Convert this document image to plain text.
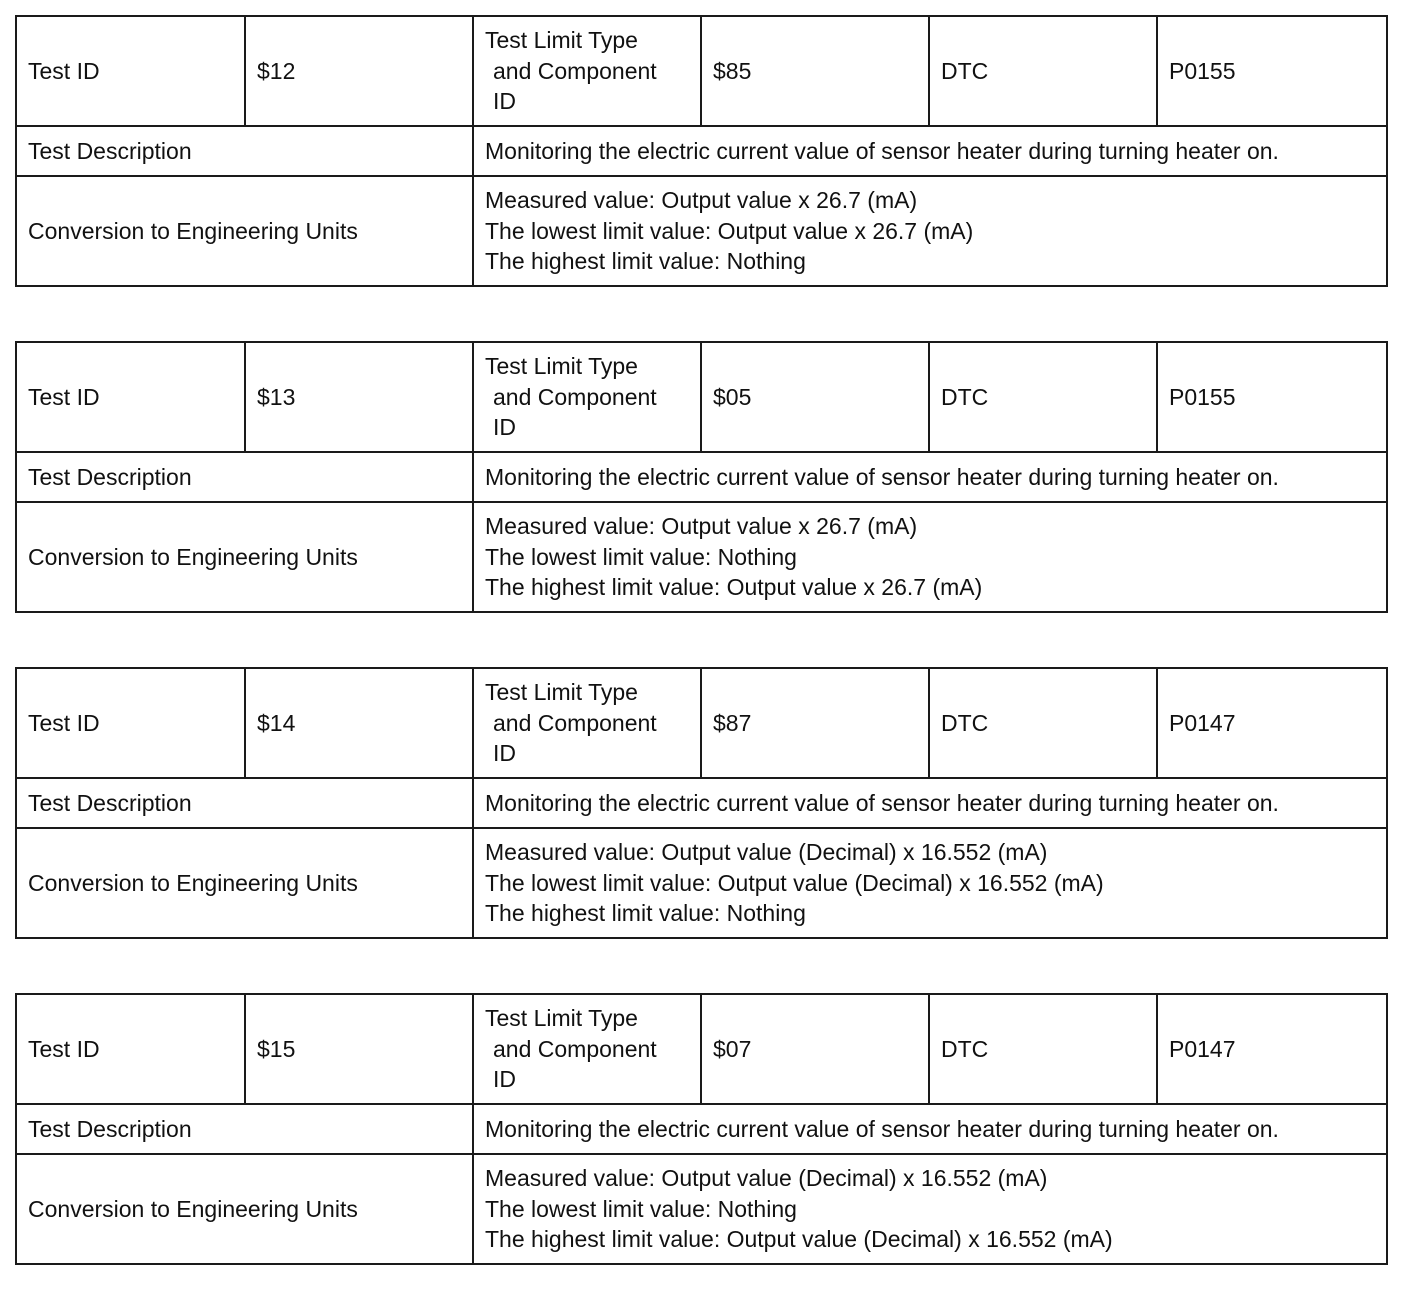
Test ID	$12	Test Limit Type
and Component
ID	$85	DTC	P0155
Test Description		Monitoring the electric current value of sensor heater during turning heater on.			
Conversion to Engineering Units		Measured value: Output value x 26.7 (mA)
The lowest limit value: Output value x 26.7 (mA)
The highest limit value: Nothing			
Test ID	$13	Test Limit Type
and Component
ID	$05	DTC	P0155
Test Description		Monitoring the electric current value of sensor heater during turning heater on.			
Conversion to Engineering Units		Measured value: Output value x 26.7 (mA)
The lowest limit value: Nothing
The highest limit value: Output value x 26.7 (mA)			
Test ID	$14	Test Limit Type
and Component
ID	$87	DTC	P0147
Test Description		Monitoring the electric current value of sensor heater during turning heater on.			
Conversion to Engineering Units		Measured value: Output value (Decimal) x 16.552 (mA)
The lowest limit value: Output value (Decimal) x 16.552 (mA)
The highest limit value: Nothing			
Test ID	$15	Test Limit Type
and Component
ID	$07	DTC	P0147
Test Description		Monitoring the electric current value of sensor heater during turning heater on.			
Conversion to Engineering Units		Measured value: Output value (Decimal) x 16.552 (mA)
The lowest limit value: Nothing
The highest limit value: Output value (Decimal) x 16.552 (mA)			
